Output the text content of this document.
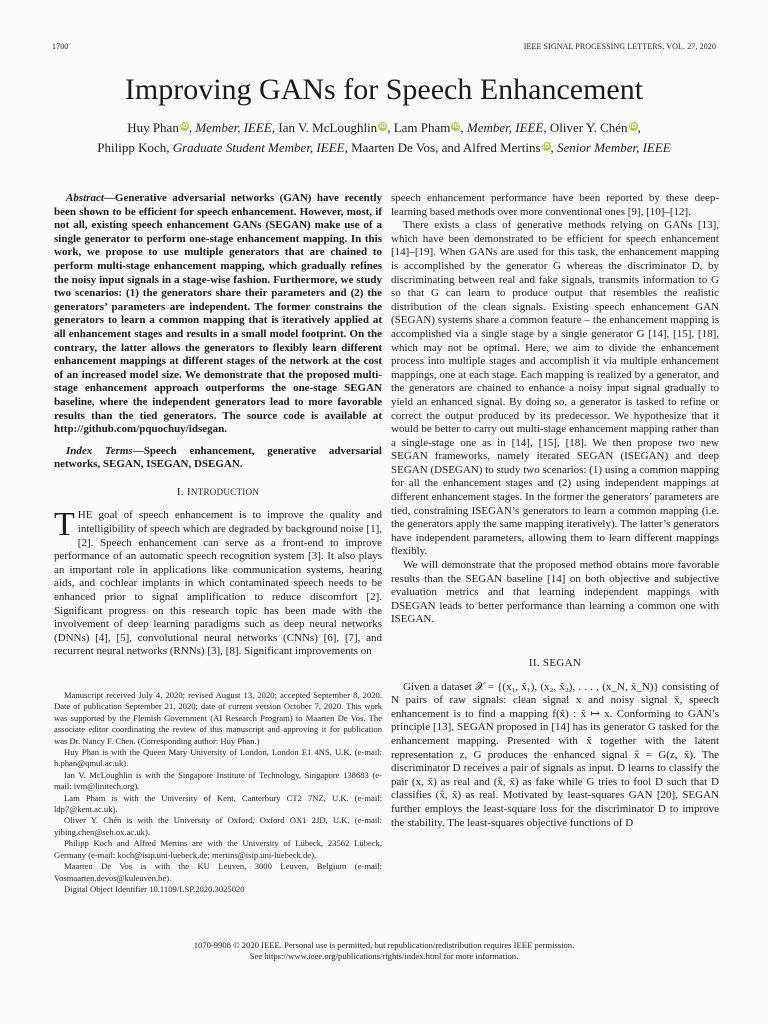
1700	IEEE SIGNAL PROCESSING LETTERS, VOL. 27, 2020
Improving GANs for Speech Enhancement
Huy Phan iD, Member, IEEE, Ian V. McLoughlin iD, Lam Pham iD, Member, IEEE, Oliver Y. Chén iD,
Philipp Koch, Graduate Student Member, IEEE, Maarten De Vos, and Alfred Mertins iD, Senior Member, IEEE

Abstract—Generative adversarial networks (GAN) have recently been shown to be efficient for speech enhancement. However, most, if not all, existing speech enhancement GANs (SEGAN) make use of a single generator to perform one-stage enhancement mapping. In this work, we propose to use multiple generators that are chained to perform multi-stage enhancement mapping, which gradually refines the noisy input signals in a stage-wise fashion. Furthermore, we study two scenarios: (1) the generators share their parameters and (2) the generators’ parameters are independent. The former constrains the generators to learn a common mapping that is iteratively applied at all enhancement stages and results in a small model footprint. On the contrary, the latter allows the generators to flexibly learn different enhancement mappings at different stages of the network at the cost of an increased model size. We demonstrate that the proposed multi-stage enhancement approach outperforms the one-stage SEGAN baseline, where the independent generators lead to more favorable results than the tied generators. The source code is available at http://github.com/pquochuy/idsegan.

Index Terms—Speech enhancement, generative adversarial networks, SEGAN, ISEGAN, DSEGAN.

I. INTRODUCTION

THE goal of speech enhancement is to improve the quality and intelligibility of speech which are degraded by background noise [1], [2]. Speech enhancement can serve as a front-end to improve performance of an automatic speech recognition system [3]. It also plays an important role in applications like communication systems, hearing aids, and cochlear implants in which contaminated speech needs to be enhanced prior to signal amplification to reduce discomfort [2]. Significant progress on this research topic has been made with the involvement of deep learning paradigms such as deep neural networks (DNNs) [4], [5], convolutional neural networks (CNNs) [6], [7], and recurrent neural networks (RNNs) [3], [8]. Significant improvements on

Manuscript received July 4, 2020; revised August 13, 2020; accepted September 8, 2020. Date of publication September 21, 2020; date of current version October 7, 2020. This work was supported by the Flemish Government (AI Research Program) to Maarten De Vos. The associate editor coordinating the review of this manuscript and approving it for publication was Dr. Nancy F. Chen. (Corresponding author: Huy Phan.)

Huy Phan is with the Queen Mary University of London, London E1 4NS, U.K. (e-mail: h.phan@qmul.ac.uk).

Ian V. McLoughlin is with the Singapore Institute of Technology, Singapore 138683 (e-mail: ivm@linitech.org).

Lam Pham is with the University of Kent, Canterbury CT2 7NZ, U.K. (e-mail: ldp7@kent.ac.uk).

Oliver Y. Chén is with the University of Oxford, Oxford OX1 2JD, U.K. (e-mail: yibing.chen@seh.ox.ac.uk).

Philipp Koch and Alfred Mertins are with the University of Lübeck, 23562 Lübeck, Germany (e-mail: koch@isip.uni-luebeck.de; mertins@isip.uni-luebeck.de).

Maarten De Vos is with the KU Leuven, 3000 Leuven, Belgium (e-mail: Vosmaarten.devos@kuleuven.be).

Digital Object Identifier 10.1109/LSP.2020.3025020

speech enhancement performance have been reported by these deep-learning based methods over more conventional ones [9], [10]–[12].

There exists a class of generative methods relying on GANs [13], which have been demonstrated to be efficient for speech enhancement [14]–[19]. When GANs are used for this task, the enhancement mapping is accomplished by the generator G whereas the discriminator D, by discriminating between real and fake signals, transmits information to G so that G can learn to produce output that resembles the realistic distribution of the clean signals. Existing speech enhancement GAN (SEGAN) systems share a common feature – the enhancement mapping is accomplished via a single stage by a single generator G [14], [15], [18], which may not be optimal. Here, we aim to divide the enhancement process into multiple stages and accomplish it via multiple enhancement mappings, one at each stage. Each mapping is realized by a generator, and the generators are chained to enhance a noisy input signal gradually to yield an enhanced signal. By doing so, a generator is tasked to refine or correct the output produced by its predecessor. We hypothesize that it would be better to carry out multi-stage enhancement mapping rather than a single-stage one as in [14], [15], [18]. We then propose two new SEGAN frameworks, namely iterated SEGAN (ISEGAN) and deep SEGAN (DSEGAN) to study two scenarios: (1) using a common mapping for all the enhancement stages and (2) using independent mappings at different enhancement stages. In the former the generators’ parameters are tied, constraining ISEGAN’s generators to learn a common mapping (i.e. the generators apply the same mapping iteratively). The latter’s generators have independent parameters, allowing them to learn different mappings flexibly.

We will demonstrate that the proposed method obtains more favorable results than the SEGAN baseline [14] on both objective and subjective evaluation metrics and that learning independent mappings with DSEGAN leads to better performance than learning a common one with ISEGAN.

II. SEGAN

Given a dataset 𝒳 = {(x₁, x̃₁), (x₂, x̃₂), . . . , (x_N, x̃_N)} consisting of N pairs of raw signals: clean signal x and noisy signal x̃, speech enhancement is to find a mapping f(x̃) : x̃ ↦ x. Conforming to GAN’s principle [13], SEGAN proposed in [14] has its generator G tasked for the enhancement mapping. Presented with x̃ together with the latent representation z, G produces the enhanced signal x̂ = G(z, x̃). The discriminator D receives a pair of signals as input. D learns to classify the pair (x, x̃) as real and (x̂, x̃) as fake while G tries to fool D such that D classifies (x̂, x̃) as real. Motivated by least-squares GAN [20], SEGAN further employs the least-square loss for the discriminator D to improve the stability. The least-squares objective functions of D

1070-9908 © 2020 IEEE. Personal use is permitted, but republication/redistribution requires IEEE permission.

See https://www.ieee.org/publications/rights/index.html for more information.
